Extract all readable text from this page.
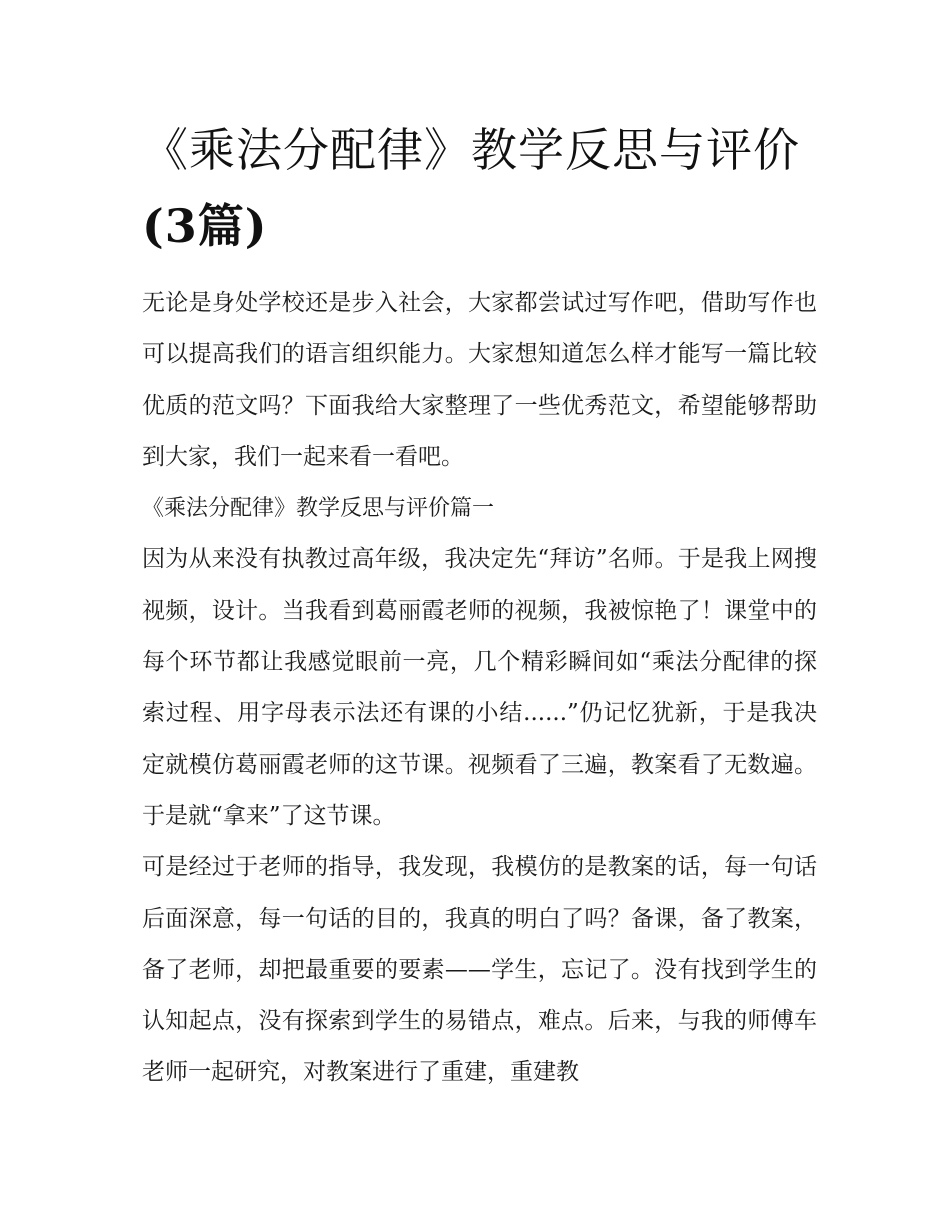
《乘法分配律》教学反思与评价(3篇)

无论是身处学校还是步入社会，大家都尝试过写作吧，借助写作也可以提高我们的语言组织能力。大家想知道怎么样才能写一篇比较优质的范文吗？下面我给大家整理了一些优秀范文，希望能够帮助到大家，我们一起来看一看吧。

《乘法分配律》教学反思与评价篇一

因为从来没有执教过高年级，我决定先“拜访”名师。于是我上网搜视频，设计。当我看到葛丽霞老师的视频，我被惊艳了！课堂中的每个环节都让我感觉眼前一亮，几个精彩瞬间如“乘法分配律的探索过程、用字母表示法还有课的小结......”仍记忆犹新，于是我决定就模仿葛丽霞老师的这节课。视频看了三遍，教案看了无数遍。于是就“拿来”了这节课。

可是经过于老师的指导，我发现，我模仿的是教案的话，每一句话后面深意，每一句话的目的，我真的明白了吗？备课，备了教案，备了老师，却把最重要的要素——学生，忘记了。没有找到学生的认知起点，没有探索到学生的易错点，难点。后来，与我的师傅车老师一起研究，对教案进行了重建，重建教
